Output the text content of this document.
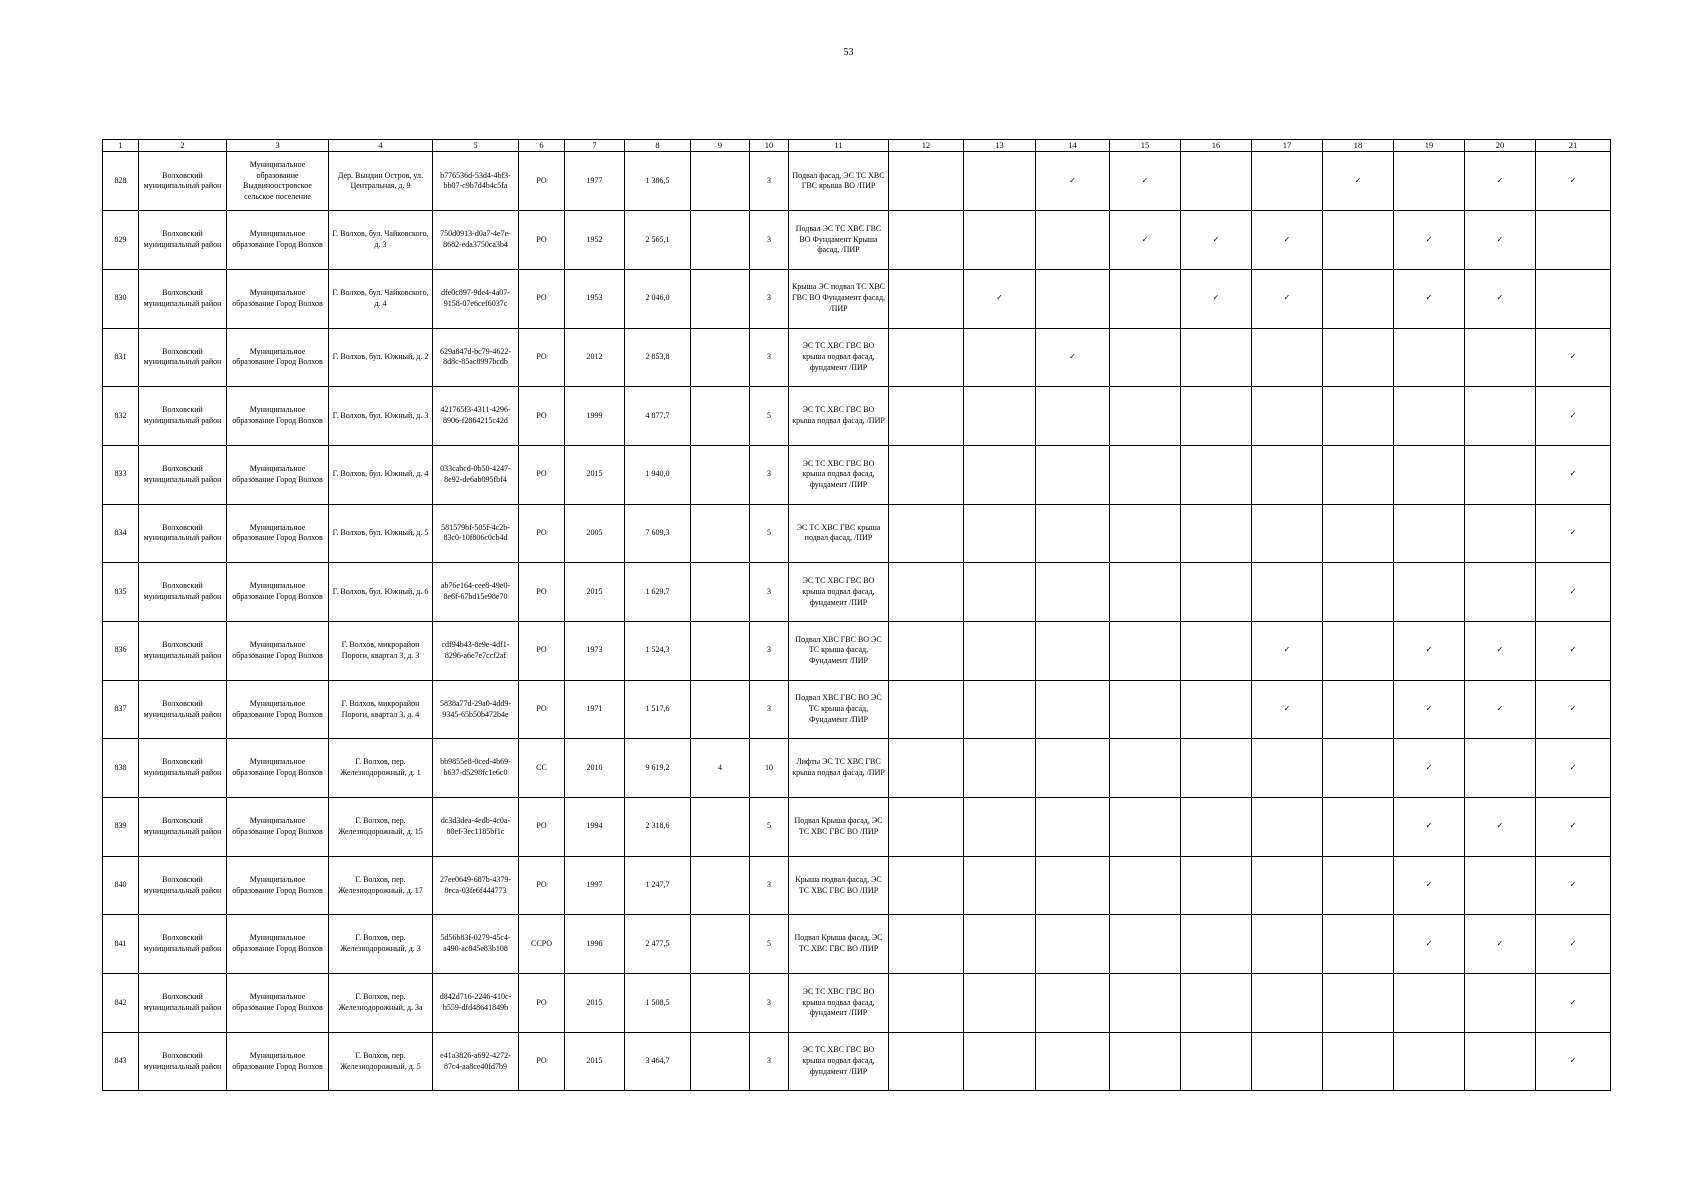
53
1	2	3	4	5	6	7	8	9	10	11	12	13	14	15	16	17	18	19	20	21
828	Волховский муниципальный район	Муниципальное образование Выдвиноостровское сельское поселение	Дер. Вындин Остров, ул. Центральная, д. 9	b776536d-53d4-4bf3-bb07-c9b7d4b4c5fa	РО	1977	1 386,5		3	Подвал фасад, ЭС ТС ХВС ГВС крыша ВО /ПИР			✓	✓			✓		✓	✓
829	Волховский муниципальный район	Муниципальное образование Город Волхов	Г. Волхов, бул. Чайковского, д. 3	750d0913-d0a7-4e7e-8682-eda3750ca3b4	РО	1952	2 565,1		3	Подвал ЭС ТС ХВС ГВС ВО Фундамент Крыша фасад, /ПИР				✓	✓	✓		✓	✓	
830	Волховский муниципальный район	Муниципальное образование Город Волхов	Г. Волхов, бул. Чайковского, д. 4	dfe0c897-9de4-4a07-9158-07e6cef6037c	РО	1953	2 046,0		3	Крыша ЭС подвал ТС ХВС ГВС ВО Фундамент фасад, /ПИР		✓			✓	✓		✓	✓	
831	Волховский муниципальный район	Муниципальное образование Город Волхов	Г. Волхов, бул. Южный, д. 2	629a847d-bc79-4622-8d8c-85ac8997bcdb	РО	2012	2 853,8		3	ЭС ТС ХВС ГВС ВО крыша подвал фасад, фундамент /ПИР			✓							✓
832	Волховский муниципальный район	Муниципальное образование Город Волхов	Г. Волхов, бул. Южный, д. 3	421765f3-4311-4296-8906-f2864215c42d	РО	1999	4 877,7		5	ЭС ТС ХВС ГВС ВО крыша подвал фасад, /ПИР										✓
833	Волховский муниципальный район	Муниципальное образование Город Волхов	Г. Волхов, бул. Южный, д. 4	033cabcd-0b50-4247-8e92-de6ab095fbf4	РО	2015	1 940,0		3	ЭС ТС ХВС ГВС ВО крыша подвал фасад, фундамент /ПИР										✓
834	Волховский муниципальный район	Муниципальное образование Город Волхов	Г. Волхов, бул. Южный, д. 5	581579bf-505f-4c2b-83c0-10f806c0cb4d	РО	2005	7 609,3		5	ЭС ТС ХВС ГВС крыша подвал фасад, /ПИР										✓
835	Волховский муниципальный район	Муниципальное образование Город Волхов	Г. Волхов, бул. Южный, д. 6	ab76e164-cee8-49e0-8e6f-67bd15e98e70	РО	2015	1 629,7		3	ЭС ТС ХВС ГВС ВО крыша подвал фасад, фундамент /ПИР										✓
836	Волховский муниципальный район	Муниципальное образование Город Волхов	Г. Волхов, микрорайон Пороги, квартал 3, д. 3	cdf94b43-8e9e-4df1-8296-a6e7e7ccf2af	РО	1973	1 524,3		3	Подвал ХВС ГВС ВО ЭС ТС крыша фасад, Фундамент /ПИР						✓		✓	✓	✓
837	Волховский муниципальный район	Муниципальное образование Город Волхов	Г. Волхов, микрорайон Пороги, квартал 3, д. 4	5838a77d-29a0-4dd9-9345-65b50b472b4e	РО	1971	1 517,6		3	Подвал ХВС ГВС ВО ЭС ТС крыша фасад, Фундамент /ПИР						✓		✓	✓	✓
838	Волховский муниципальный район	Муниципальное образование Город Волхов	Г. Волхов, пер. Железнодорожный, д. 1	bb9855e8-0ced-4b69-b637-d5298fc1e6c0	СС	2010	9 619,2	4	10	Лифты ЭС ТС ХВС ГВС крыша подвал фасад, /ПИР								✓		✓
839	Волховский муниципальный район	Муниципальное образование Город Волхов	Г. Волхов, пер. Железнодорожный, д. 15	dc3d3dea-4edb-4c0a-80ef-3ec1185bf1c	РО	1994	2 318,6		5	Подвал Крыша фасад, ЭС ТС ХВС ГВС ВО /ПИР								✓	✓	✓
840	Волховский муниципальный район	Муниципальное образование Город Волхов	Г. Волхов, пер. Железнодорожный, д. 17	27ee0649-687b-4379-8eca-03fe6f444773	РО	1997	1 247,7		3	Крыша подвал фасад, ЭС ТС ХВС ГВС ВО /ПИР								✓		✓
841	Волховский муниципальный район	Муниципальное образование Город Волхов	Г. Волхов, пер. Железнодорожный, д. 3	5d56b83f-0279-45c4-a490-ac845e83b108	ССРО	1996	2 477,5		5	Подвал Крыша фасад, ЭС ТС ХВС ГВС ВО /ПИР								✓	✓	✓
842	Волховский муниципальный район	Муниципальное образование Город Волхов	Г. Волхов, пер. Железнодорожный, д. 3а	d842d716-2246-410c-b559-dfd48641849b	РО	2015	1 508,5		3	ЭС ТС ХВС ГВС ВО крыша подвал фасад, фундамент /ПИР										✓
843	Волховский муниципальный район	Муниципальное образование Город Волхов	Г. Волхов, пер. Железнодорожный, д. 5	e41a3826-a692-4272-87c4-aa8ce40fd7b9	РО	2015	3 464,7		3	ЭС ТС ХВС ГВС ВО крыша подвал фасад, фундамент /ПИР										✓
